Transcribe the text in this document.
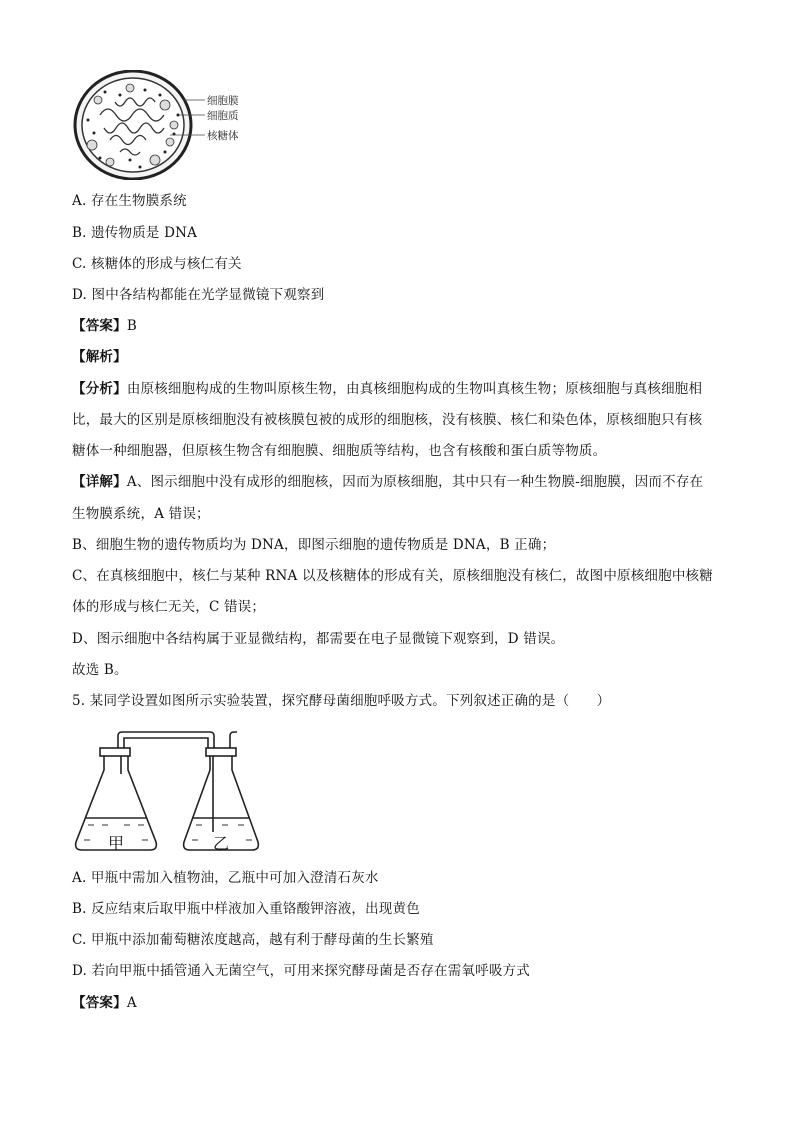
细胞膜
细胞质
核糖体
A. 存在生物膜系统
B. 遗传物质是 DNA
C. 核糖体的形成与核仁有关
D. 图中各结构都能在光学显微镜下观察到
【答案】B
【解析】
【分析】由原核细胞构成的生物叫原核生物，由真核细胞构成的生物叫真核生物；原核细胞与真核细胞相
比，最大的区别是原核细胞没有被核膜包被的成形的细胞核，没有核膜、核仁和染色体，原核细胞只有核
糖体一种细胞器，但原核生物含有细胞膜、细胞质等结构，也含有核酸和蛋白质等物质。
【详解】A、图示细胞中没有成形的细胞核，因而为原核细胞，其中只有一种生物膜-细胞膜，因而不存在
生物膜系统，A 错误；
B、细胞生物的遗传物质均为 DNA，即图示细胞的遗传物质是 DNA，B 正确；
C、在真核细胞中，核仁与某种 RNA 以及核糖体的形成有关，原核细胞没有核仁，故图中原核细胞中核糖
体的形成与核仁无关，C 错误；
D、图示细胞中各结构属于亚显微结构，都需要在电子显微镜下观察到，D 错误。
故选 B。
5. 某同学设置如图所示实验装置，探究酵母菌细胞呼吸方式。下列叙述正确的是（　　）
甲	乙
A. 甲瓶中需加入植物油，乙瓶中可加入澄清石灰水
B. 反应结束后取甲瓶中样液加入重铬酸钾溶液，出现黄色
C. 甲瓶中添加葡萄糖浓度越高，越有利于酵母菌的生长繁殖
D. 若向甲瓶中插管通入无菌空气，可用来探究酵母菌是否存在需氧呼吸方式
【答案】A
